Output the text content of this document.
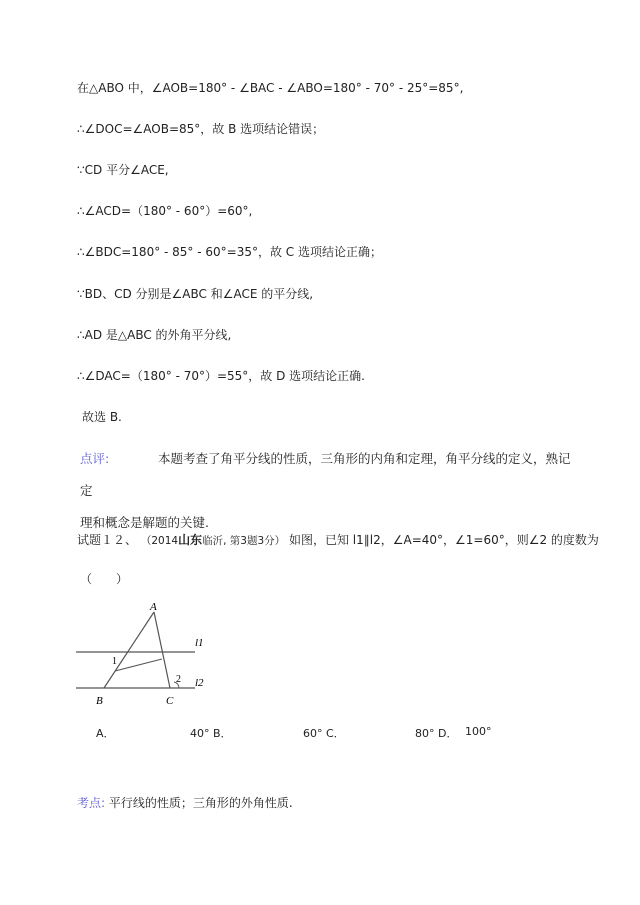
在△ABO 中，∠AOB=180° - ∠BAC - ∠ABO=180° - 70° - 25°=85°,
∴∠DOC=∠AOB=85°，故 B 选项结论错误；
∵CD 平分∠ACE,
∴∠ACD=（180° - 60°）=60°,
∴∠BDC=180° - 85° - 60°=35°，故 C 选项结论正确；
∵BD、CD 分别是∠ABC 和∠ACE 的平分线,
∴AD 是△ABC 的外角平分线,
∴∠DAC=（180° - 70°）=55°，故 D 选项结论正确.
故选 B.
点评:	本题考查了角平分线的性质，三角形的内角和定理，角平分线的定义，熟记定
理和概念是解题的关键.
试题１２、 （2014山东临沂, 第3题3分） 如图，已知 l1∥l2，∠A=40°，∠1=60°，则∠2 的度数为
（　　）
A
B	C
l1
l2
1
2
A．	40° B．	60° C．	80° D． 100°
考点: 平行线的性质；三角形的外角性质.
